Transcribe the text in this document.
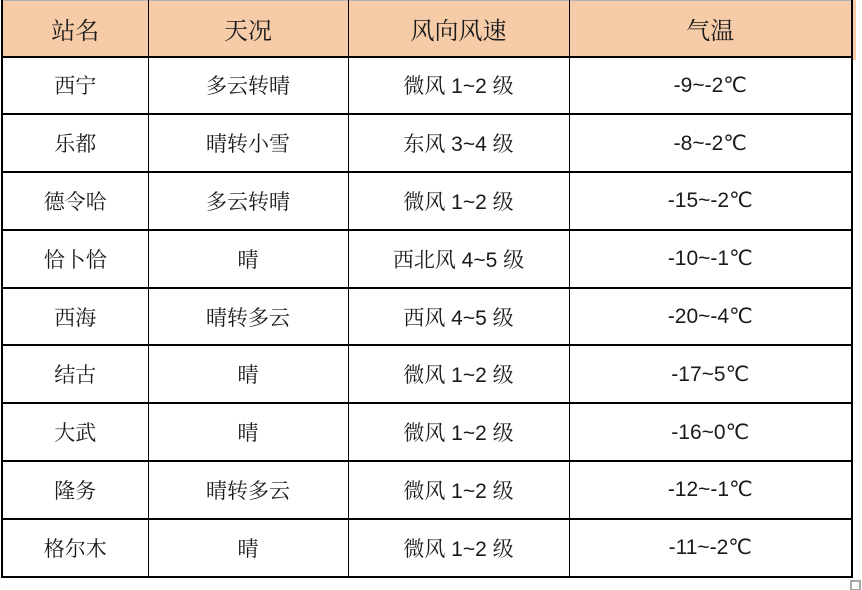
站名	天况	风向风速	气温
西宁	多云转晴	微风 1~2 级	-9~-2℃
乐都	晴转小雪	东风 3~4 级	-8~-2℃
德令哈	多云转晴	微风 1~2 级	-15~-2℃
恰卜恰	晴	西北风 4~5 级	-10~-1℃
西海	晴转多云	西风 4~5 级	-20~-4℃
结古	晴	微风 1~2 级	-17~5℃
大武	晴	微风 1~2 级	-16~0℃
隆务	晴转多云	微风 1~2 级	-12~-1℃
格尔木	晴	微风 1~2 级	-11~-2℃
